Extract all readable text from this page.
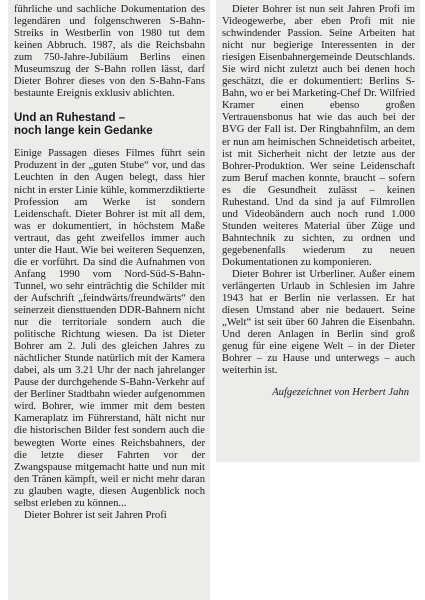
führliche und sachliche Dokumentation des legendären und folgenschweren S-Bahn-Streiks in Westberlin von 1980 tut dem keinen Abbruch. 1987, als die Reichsbahn zum 750-Jahre-Jubiläum Berlins einen Museumszug der S-Bahn rollen lässt, darf Dieter Bohrer dieses von den S-Bahn-Fans bestaunte Ereignis exklusiv ablichten.

Und an Ruhestand –
noch lange kein Gedanke

Einige Passagen dieses Filmes führt sein Produzent in der „guten Stube“ vor, und das Leuchten in den Augen belegt, dass hier nicht in erster Linie kühle, kommerzdiktierte Profession am Werke ist sondern Leidenschaft. Dieter Bohrer ist mit all dem, was er dokumentiert, in höchstem Maße vertraut, das geht zweifellos immer auch unter die Haut. Wie bei weiteren Sequenzen, die er vorführt. Da sind die Aufnahmen von Anfang 1990 vom Nord-Süd-S-Bahn-Tunnel, wo sehr einträchtig die Schilder mit der Aufschrift „feindwärts/freundwärts“ den seinerzeit diensttuenden DDR-Bahnern nicht nur die territoriale sondern auch die politische Richtung wiesen. Da ist Dieter Bohrer am 2. Juli des gleichen Jahres zu nächtlicher Stunde natürlich mit der Kamera dabei, als um 3.21 Uhr der nach jahrelanger Pause der durchgehende S-Bahn-Verkehr auf der Berliner Stadtbahn wieder aufgenommen wird. Bohrer, wie immer mit dem besten Kameraplatz im Führerstand, hält nicht nur die historischen Bilder fest sondern auch die bewegten Worte eines Reichsbahners, der die letzte dieser Fahrten vor der Zwangspause mitgemacht hatte und nun mit den Tränen kämpft, weil er nicht mehr daran zu glauben wagte, diesen Augenblick noch selbst erleben zu können...

Dieter Bohrer ist seit Jahren Profi

Dieter Bohrer ist nun seit Jahren Profi im Videogewerbe, aber eben Profi mit nie schwindender Passion. Seine Arbeiten hat nicht nur begierige Interessenten in der riesigen Eisenbahnergemeinde Deutschlands. Sie wird nicht zuletzt auch bei denen hoch geschätzt, die er dokumentiert: Berlins S-Bahn, wo er bei Marketing-Chef Dr. Wilfried Kramer einen ebenso großen Vertrauensbonus hat wie das auch bei der BVG der Fall ist. Der Ringbahnfilm, an dem er nun am heimischen Schneidetisch arbeitet, ist mit Sicherheit nicht der letzte aus der Bohrer-Produktion. Wer seine Leidenschaft zum Beruf machen konnte, braucht – sofern es die Gesundheit zulässt – keinen Ruhestand. Und da sind ja auf Filmrollen und Videobändern auch noch rund 1.000 Stunden weiteres Material über Züge und Bahntechnik zu sichten, zu ordnen und gegebenenfalls wiederum zu neuen Dokumentationen zu komponieren.

Dieter Bohrer ist Urberliner. Außer einem verlängerten Urlaub in Schlesien im Jahre 1943 hat er Berlin nie verlassen. Er hat diesen Umstand aber nie bedauert. Seine „Welt“ ist seit über 60 Jahren die Eisenbahn. Und deren Anlagen in Berlin sind groß genug für eine eigene Welt – in der Dieter Bohrer – zu Hause und unterwegs – auch weiterhin ist.

Aufgezeichnet von Herbert Jahn
